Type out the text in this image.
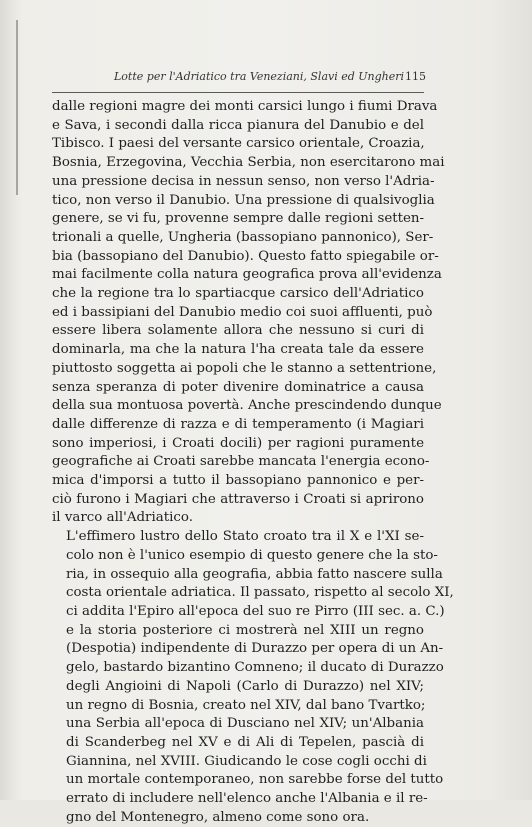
Lotte per l'Adriatico tra Veneziani, Slavi ed Ungheri 115

dalle regioni magre dei monti carsici lungo i fiumi Drava
e Sava, i secondi dalla ricca pianura del Danubio e del
Tibisco. I paesi del versante carsico orientale, Croazia,
Bosnia, Erzegovina, Vecchia Serbia, non esercitarono mai
una pressione decisa in nessun senso, non verso l'Adria-
tico, non verso il Danubio. Una pressione di qualsivoglia
genere, se vi fu, provenne sempre dalle regioni setten-
trionali a quelle, Ungheria (bassopiano pannonico), Ser-
bia (bassopiano del Danubio). Questo fatto spiegabile or-
mai facilmente colla natura geografica prova all'evidenza
che la regione tra lo spartiacque carsico dell'Adriatico
ed i bassipiani del Danubio medio coi suoi affluenti, può
essere libera solamente allora che nessuno si curi di
dominarla, ma che la natura l'ha creata tale da essere
piuttosto soggetta ai popoli che le stanno a settentrione,
senza speranza di poter divenire dominatrice a causa
della sua montuosa povertà. Anche prescindendo dunque
dalle differenze di razza e di temperamento (i Magiari
sono imperiosi, i Croati docili) per ragioni puramente
geografiche ai Croati sarebbe mancata l'energia econo-
mica d'imporsi a tutto il bassopiano pannonico e per-
ciò furono i Magiari che attraverso i Croati si aprirono
il varco all'Adriatico.

L'effimero lustro dello Stato croato tra il X e l'XI se-
colo non è l'unico esempio di questo genere che la sto-
ria, in ossequio alla geografia, abbia fatto nascere sulla
costa orientale adriatica. Il passato, rispetto al secolo XI,
ci addita l'Epiro all'epoca del suo re Pirro (III sec. a. C.)
e la storia posteriore ci mostrerà nel XIII un regno
(Despotia) indipendente di Durazzo per opera di un An-
gelo, bastardo bizantino Comneno; il ducato di Durazzo
degli Angioini di Napoli (Carlo di Durazzo) nel XIV;
un regno di Bosnia, creato nel XIV, dal bano Tvartko;
una Serbia all'epoca di Dusciano nel XIV; un'Albania
di Scanderbeg nel XV e di Ali di Tepelen, pascià di
Giannina, nel XVIII. Giudicando le cose cogli occhi di
un mortale contemporaneo, non sarebbe forse del tutto
errato di includere nell'elenco anche l'Albania e il re-
gno del Montenegro, almeno come sono ora.
